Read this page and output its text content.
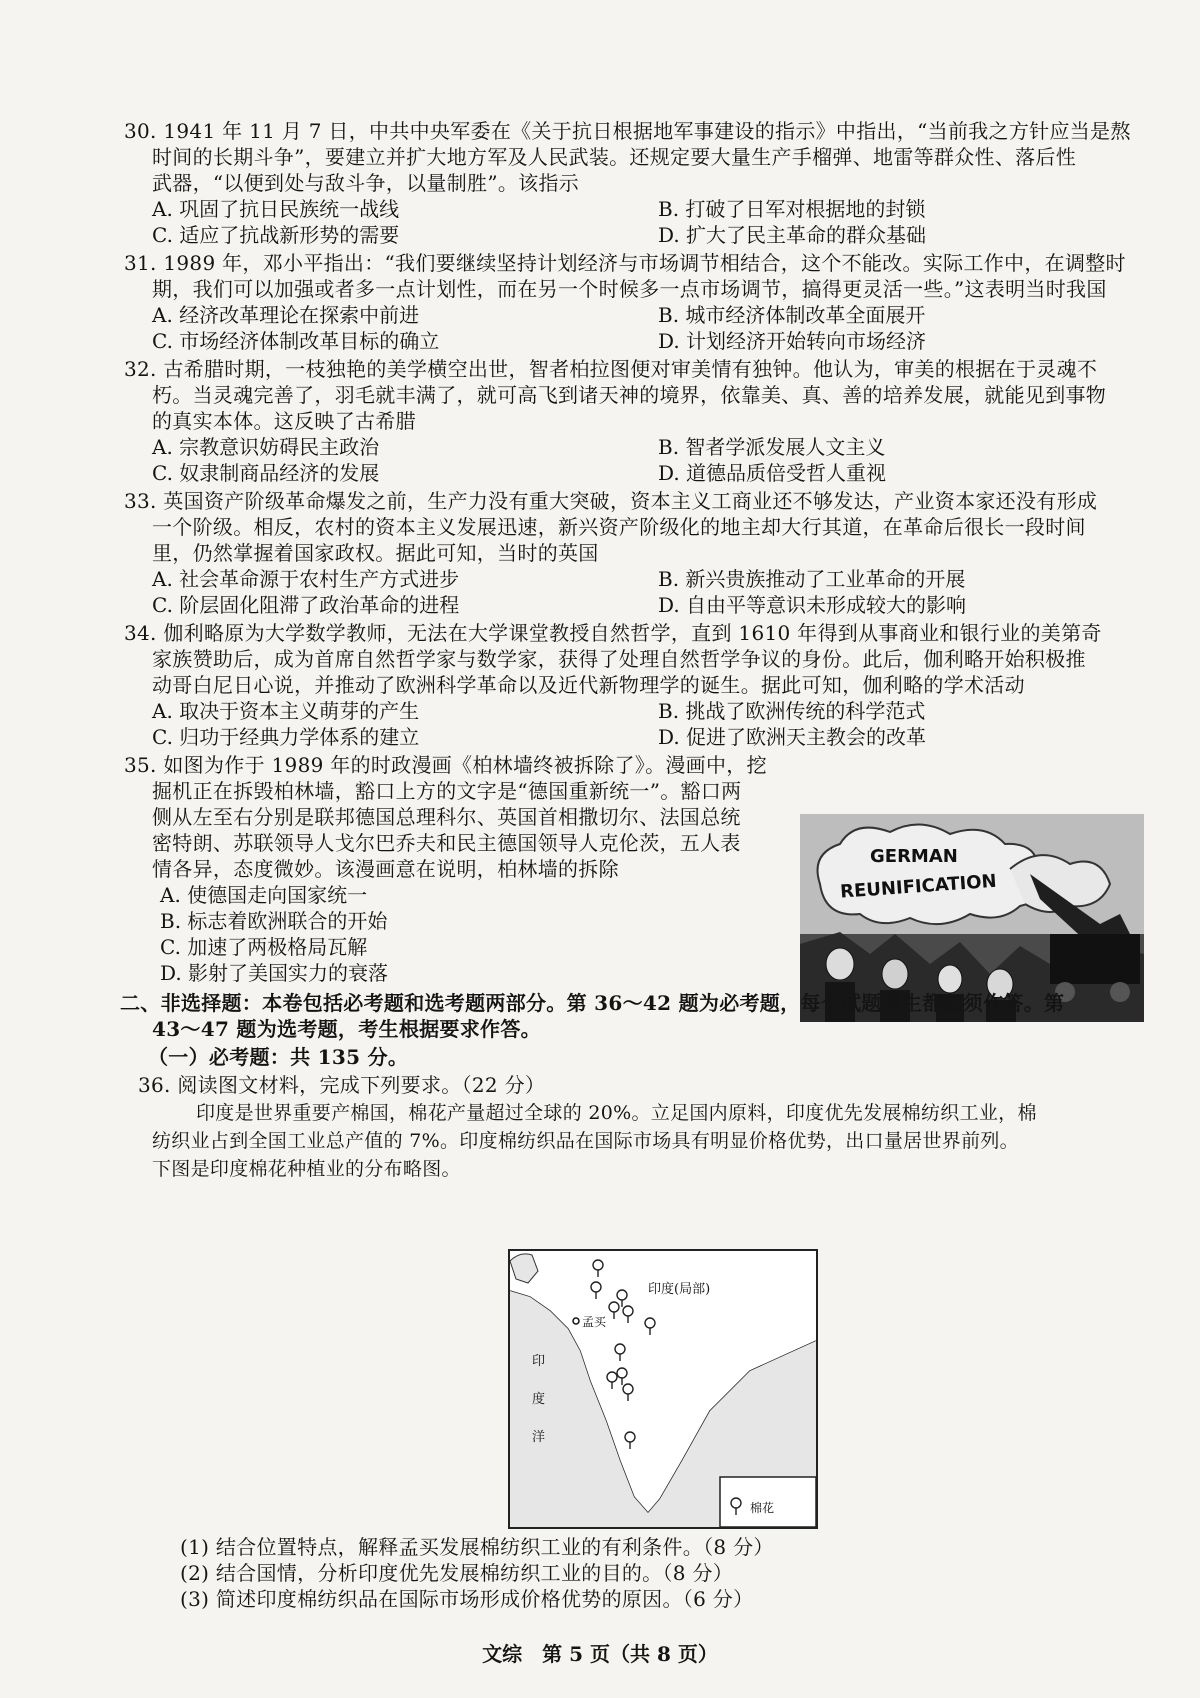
30. 1941 年 11 月 7 日，中共中央军委在《关于抗日根据地军事建设的指示》中指出，“当前我之方针应当是熬
时间的长期斗争”，要建立并扩大地方军及人民武装。还规定要大量生产手榴弹、地雷等群众性、落后性
武器，“以便到处与敌斗争，以量制胜”。该指示
A. 巩固了抗日民族统一战线	B. 打破了日军对根据地的封锁
C. 适应了抗战新形势的需要	D. 扩大了民主革命的群众基础
31. 1989 年，邓小平指出：“我们要继续坚持计划经济与市场调节相结合，这个不能改。实际工作中，在调整时
期，我们可以加强或者多一点计划性，而在另一个时候多一点市场调节，搞得更灵活一些。”这表明当时我国
A. 经济改革理论在探索中前进	B. 城市经济体制改革全面展开
C. 市场经济体制改革目标的确立	D. 计划经济开始转向市场经济
32. 古希腊时期，一枝独艳的美学横空出世，智者柏拉图便对审美情有独钟。他认为，审美的根据在于灵魂不
朽。当灵魂完善了，羽毛就丰满了，就可高飞到诸天神的境界，依靠美、真、善的培养发展，就能见到事物
的真实本体。这反映了古希腊
A. 宗教意识妨碍民主政治	B. 智者学派发展人文主义
C. 奴隶制商品经济的发展	D. 道德品质倍受哲人重视
33. 英国资产阶级革命爆发之前，生产力没有重大突破，资本主义工商业还不够发达，产业资本家还没有形成
一个阶级。相反，农村的资本主义发展迅速，新兴资产阶级化的地主却大行其道，在革命后很长一段时间
里，仍然掌握着国家政权。据此可知，当时的英国
A. 社会革命源于农村生产方式进步	B. 新兴贵族推动了工业革命的开展
C. 阶层固化阻滞了政治革命的进程	D. 自由平等意识未形成较大的影响
34. 伽利略原为大学数学教师，无法在大学课堂教授自然哲学，直到 1610 年得到从事商业和银行业的美第奇
家族赞助后，成为首席自然哲学家与数学家，获得了处理自然哲学争议的身份。此后，伽利略开始积极推
动哥白尼日心说，并推动了欧洲科学革命以及近代新物理学的诞生。据此可知，伽利略的学术活动
A. 取决于资本主义萌芽的产生	B. 挑战了欧洲传统的科学范式
C. 归功于经典力学体系的建立	D. 促进了欧洲天主教会的改革
35. 如图为作于 1989 年的时政漫画《柏林墙终被拆除了》。漫画中，挖
掘机正在拆毁柏林墙，豁口上方的文字是“德国重新统一”。豁口两
侧从左至右分别是联邦德国总理科尔、英国首相撒切尔、法国总统
密特朗、苏联领导人戈尔巴乔夫和民主德国领导人克伦茨，五人表
情各异，态度微妙。该漫画意在说明，柏林墙的拆除
A. 使德国走向国家统一
B. 标志着欧洲联合的开始
C. 加速了两极格局瓦解
D. 影射了美国实力的衰落
GERMAN
REUNIFICATION
二、非选择题：本卷包括必考题和选考题两部分。第 36～42 题为必考题，每个试题考生都必须作答。第
43～47 题为选考题，考生根据要求作答。
（一）必考题：共 135 分。
36. 阅读图文材料，完成下列要求。（22 分）
印度是世界重要产棉国，棉花产量超过全球的 20%。立足国内原料，印度优先发展棉纺织工业，棉
纺织业占到全国工业总产值的 7%。印度棉纺织品在国际市场具有明显价格优势，出口量居世界前列。
下图是印度棉花种植业的分布略图。
孟买
印度(局部)
印
度
洋
棉花
(1) 结合位置特点，解释孟买发展棉纺织工业的有利条件。（8 分）
(2) 结合国情，分析印度优先发展棉纺织工业的目的。（8 分）
(3) 简述印度棉纺织品在国际市场形成价格优势的原因。（6 分）
文综　第 5 页（共 8 页）
